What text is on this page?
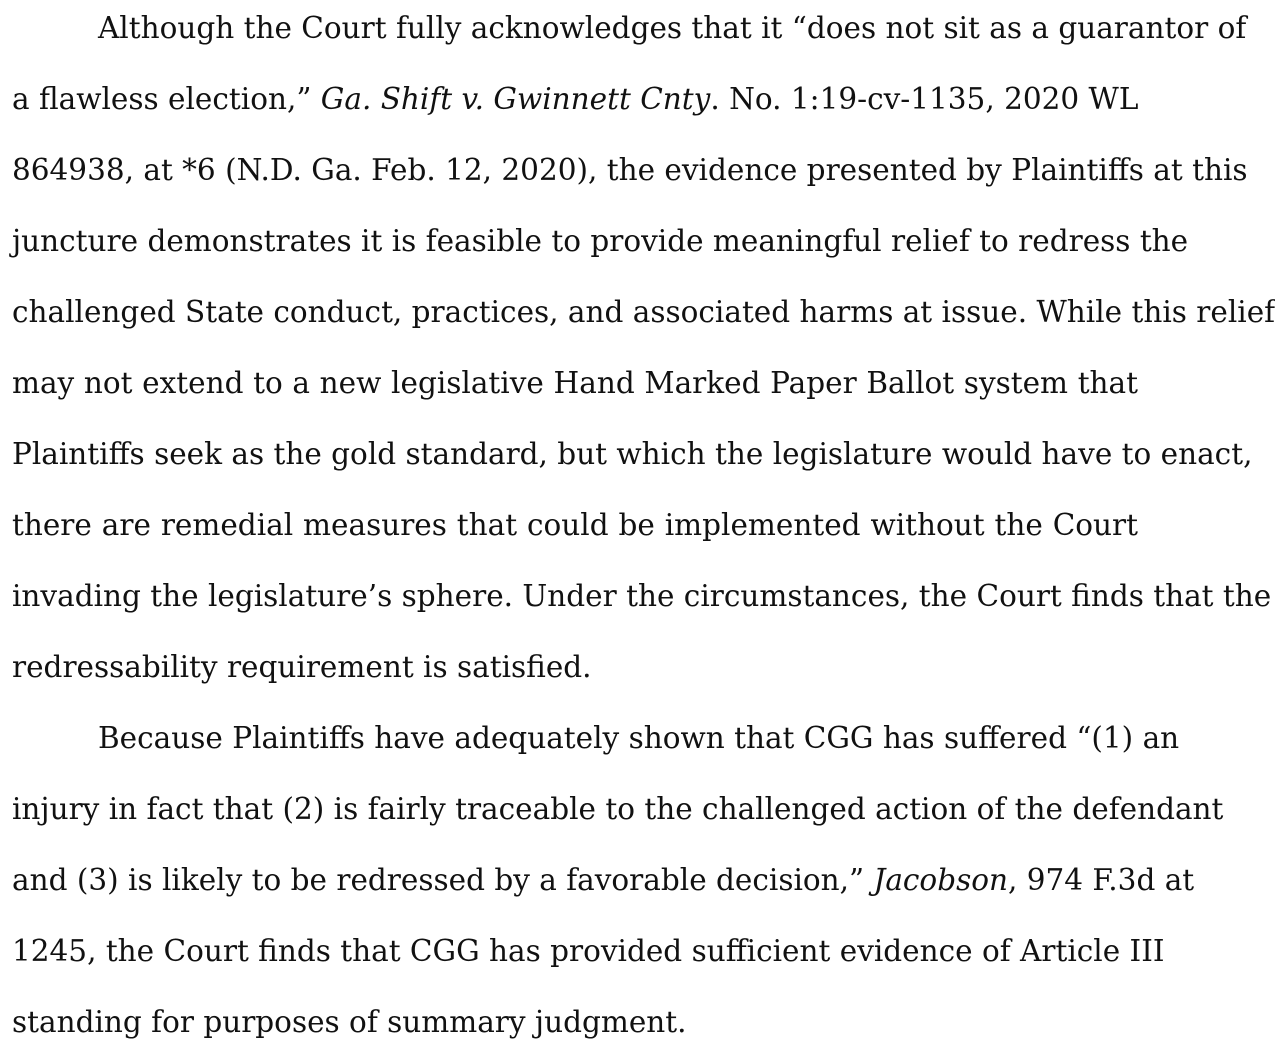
Although the Court fully acknowledges that it “does not sit as a guarantor of
a flawless election,” Ga. Shift v. Gwinnett Cnty. No. 1:19-cv-1135, 2020 WL
864938, at *6 (N.D. Ga. Feb. 12, 2020), the evidence presented by Plaintiffs at this
juncture demonstrates it is feasible to provide meaningful relief to redress the
challenged State conduct, practices, and associated harms at issue. While this relief
may not extend to a new legislative Hand Marked Paper Ballot system that
Plaintiffs seek as the gold standard, but which the legislature would have to enact,
there are remedial measures that could be implemented without the Court
invading the legislature’s sphere. Under the circumstances, the Court finds that the
redressability requirement is satisfied.
Because Plaintiffs have adequately shown that CGG has suffered “(1) an
injury in fact that (2) is fairly traceable to the challenged action of the defendant
and (3) is likely to be redressed by a favorable decision,” Jacobson, 974 F.3d at
1245, the Court finds that CGG has provided sufficient evidence of Article III
standing for purposes of summary judgment.
